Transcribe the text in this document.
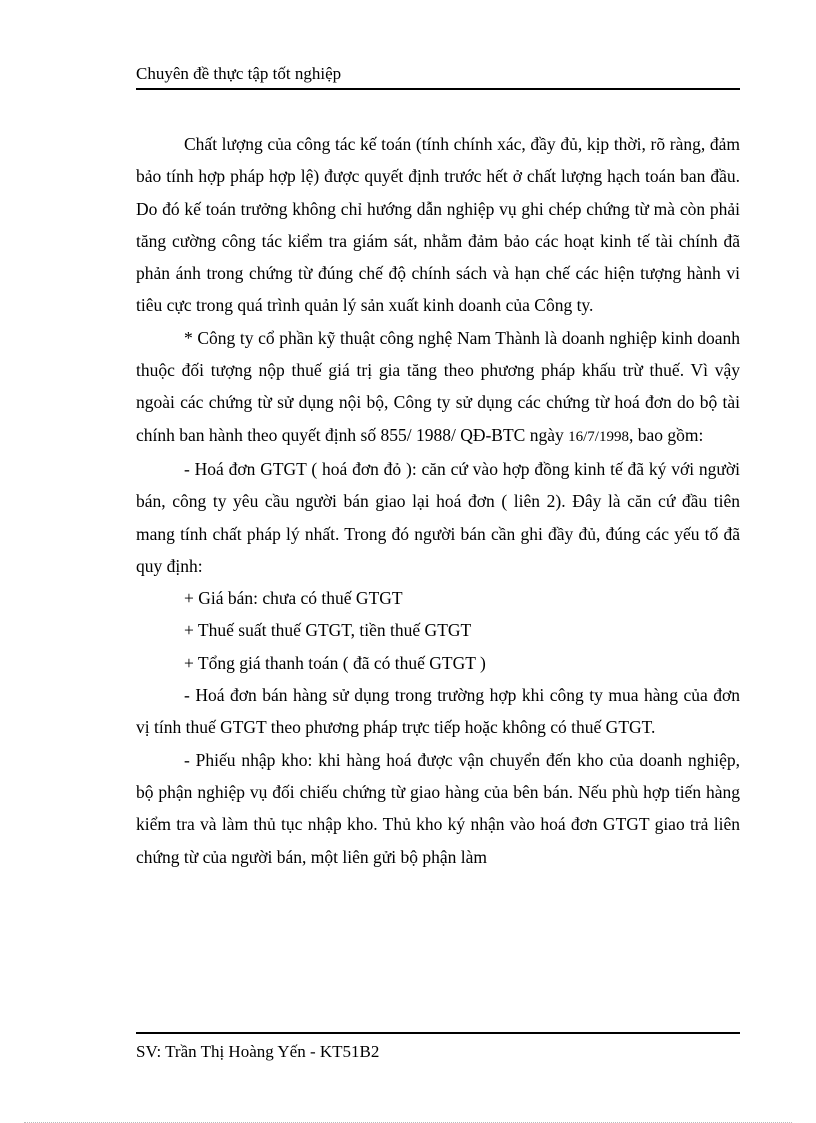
Chuyên đề thực tập tốt nghiệp

Chất lượng của công tác kế toán (tính chính xác, đầy đủ, kịp thời, rõ ràng, đảm bảo tính hợp pháp hợp lệ) được quyết định trước hết ở chất lượng hạch toán ban đầu. Do đó kế toán trưởng không chỉ hướng dẫn nghiệp vụ ghi chép chứng từ mà còn phải tăng cường công tác kiểm tra giám sát, nhằm đảm bảo các hoạt kinh tế tài chính đã phản ánh trong chứng từ đúng chế độ chính sách và hạn chế các hiện tượng hành vi tiêu cực trong quá trình quản lý sản xuất kinh doanh của Công ty.

* Công ty cổ phần kỹ thuật công nghệ Nam Thành là doanh nghiệp kinh doanh thuộc đối tượng nộp thuế giá trị gia tăng theo phương pháp khấu trừ thuế. Vì vậy ngoài các chứng từ sử dụng nội bộ, Công ty sử dụng các chứng từ hoá đơn do bộ tài chính ban hành theo quyết định số 855/ 1988/ QĐ-BTC ngày 16/7/1998, bao gồm:

- Hoá đơn GTGT ( hoá đơn đỏ ): căn cứ vào hợp đồng kinh tế đã ký với người bán, công ty yêu cầu người bán giao lại hoá đơn ( liên 2). Đây là căn cứ đầu tiên mang tính chất pháp lý nhất. Trong đó người bán cần ghi đầy đủ, đúng các yếu tố đã quy định:

+ Giá bán: chưa có thuế GTGT

+ Thuế suất thuế GTGT, tiền thuế GTGT

+ Tổng giá thanh toán ( đã có thuế GTGT )

- Hoá đơn bán hàng sử dụng trong trường hợp khi công ty mua hàng của đơn vị tính thuế GTGT theo phương pháp trực tiếp hoặc không có thuế GTGT.

- Phiếu nhập kho: khi hàng hoá được vận chuyển đến kho của doanh nghiệp, bộ phận nghiệp vụ đối chiếu chứng từ giao hàng của bên bán. Nếu phù hợp tiến hàng kiểm tra và làm thủ tục nhập kho. Thủ kho ký nhận vào hoá đơn GTGT giao trả liên chứng từ của người bán, một liên gửi bộ phận làm

SV: Trần Thị Hoàng Yến - KT51B2
